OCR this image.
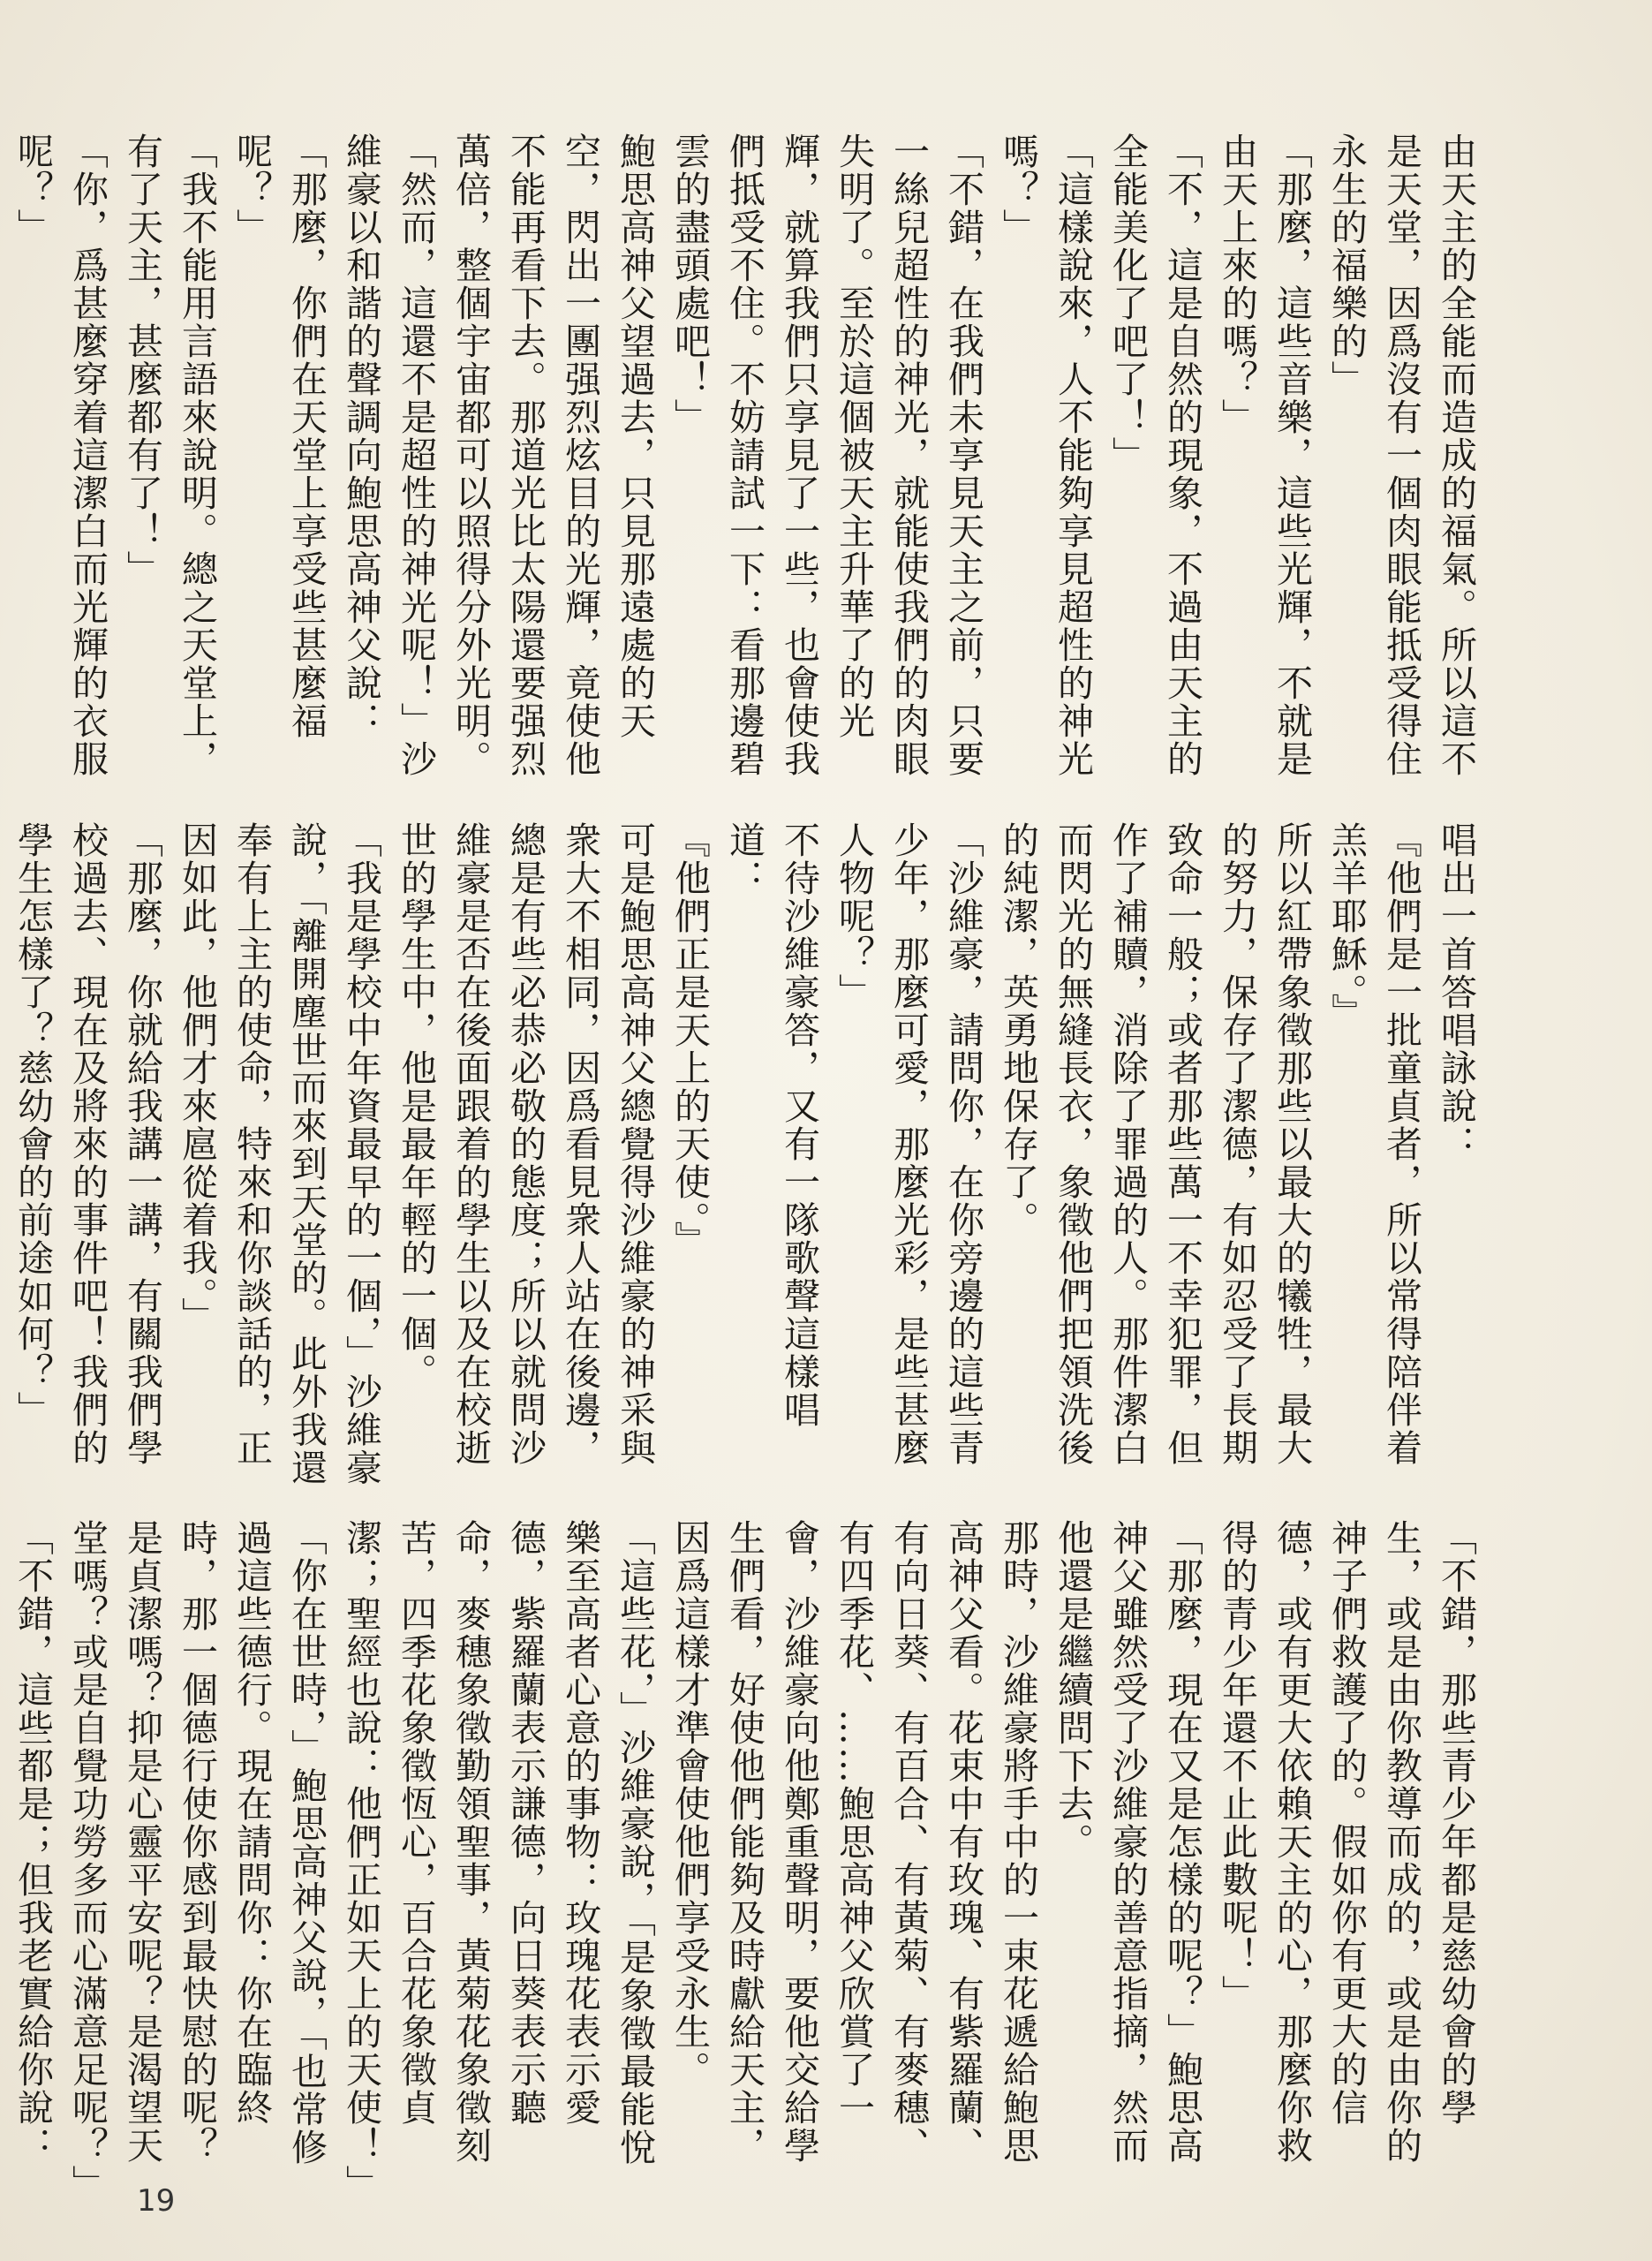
由天主的全能而造成的福氣。所以這不是天堂，因爲沒有一個肉眼能抵受得住永生的福樂的」

「那麼，這些音樂，這些光輝，不就是由天上來的嗎？」

「不，這是自然的現象，不過由天主的全能美化了吧了！」

「這樣說來，人不能夠享見超性的神光嗎？」

「不錯，在我們未享見天主之前，只要一絲兒超性的神光，就能使我們的肉眼失明了。至於這個被天主升華了的光輝，就算我們只享見了一些，也會使我們抵受不住。不妨請試一下：看那邊碧雲的盡頭處吧！」

鮑思高神父望過去，只見那遠處的天空，閃出一團强烈炫目的光輝，竟使他不能再看下去。那道光比太陽還要强烈萬倍，整個宇宙都可以照得分外光明。

「然而，這還不是超性的神光呢！」沙維豪以和諧的聲調向鮑思高神父說：

「那麼，你們在天堂上享受些甚麼福呢？」

「我不能用言語來說明。總之天堂上，有了天主，甚麼都有了！」

「你，爲甚麼穿着這潔白而光輝的衣服呢？」

唱出一首答唱詠說：

『他們是一批童貞者，所以常得陪伴着羔羊耶穌。』

所以紅帶象徵那些以最大的犧牲，最大的努力，保存了潔德，有如忍受了長期致命一般；或者那些萬一不幸犯罪，但作了補贖，消除了罪過的人。那件潔白而閃光的無縫長衣，象徵他們把領洗後的純潔，英勇地保存了。

「沙維豪，請問你，在你旁邊的這些青少年，那麼可愛，那麼光彩，是些甚麼人物呢？」

不待沙維豪答，又有一隊歌聲這樣唱道：

『他們正是天上的天使。』

可是鮑思高神父總覺得沙維豪的神采與衆大不相同，因爲看見衆人站在後邊，總是有些必恭必敬的態度；所以就問沙維豪是否在後面跟着的學生以及在校逝世的學生中，他是最年輕的一個。

「我是學校中年資最早的一個，」沙維豪說，「離開塵世而來到天堂的。此外我還奉有上主的使命，特來和你談話的，正因如此，他們才來扈從着我。」

「那麼，你就給我講一講，有關我們學校過去、現在及將來的事件吧！我們的學生怎樣了？慈幼會的前途如何？」

「不錯，那些青少年都是慈幼會的學生，或是由你教導而成的，或是由你的神子們救護了的。假如你有更大的信德，或有更大依賴天主的心，那麼你救得的青少年還不止此數呢！」

「那麼，現在又是怎樣的呢？」鮑思高神父雖然受了沙維豪的善意指摘，然而他還是繼續問下去。

那時，沙維豪將手中的一束花遞給鮑思高神父看。花束中有玫瑰、有紫羅蘭、有向日葵、有百合、有黃菊、有麥穗、有四季花、……鮑思高神父欣賞了一會，沙維豪向他鄭重聲明，要他交給學生們看，好使他們能夠及時獻給天主，因爲這樣才準會使他們享受永生。

「這些花，」沙維豪說，「是象徵最能悅樂至高者心意的事物：玫瑰花表示愛德，紫羅蘭表示謙德，向日葵表示聽命，麥穗象徵勤領聖事，黃菊花象徵刻苦，四季花象徵恆心，百合花象徵貞潔；聖經也說：他們正如天上的天使！」

「你在世時，」鮑思高神父說，「也常修過這些德行。現在請問你：你在臨終時，那一個德行使你感到最快慰的呢？是貞潔嗎？抑是心靈平安呢？是渴望天堂嗎？或是自覺功勞多而心滿意足呢？」

「不錯，這些都是；但我老實給你說：

19
